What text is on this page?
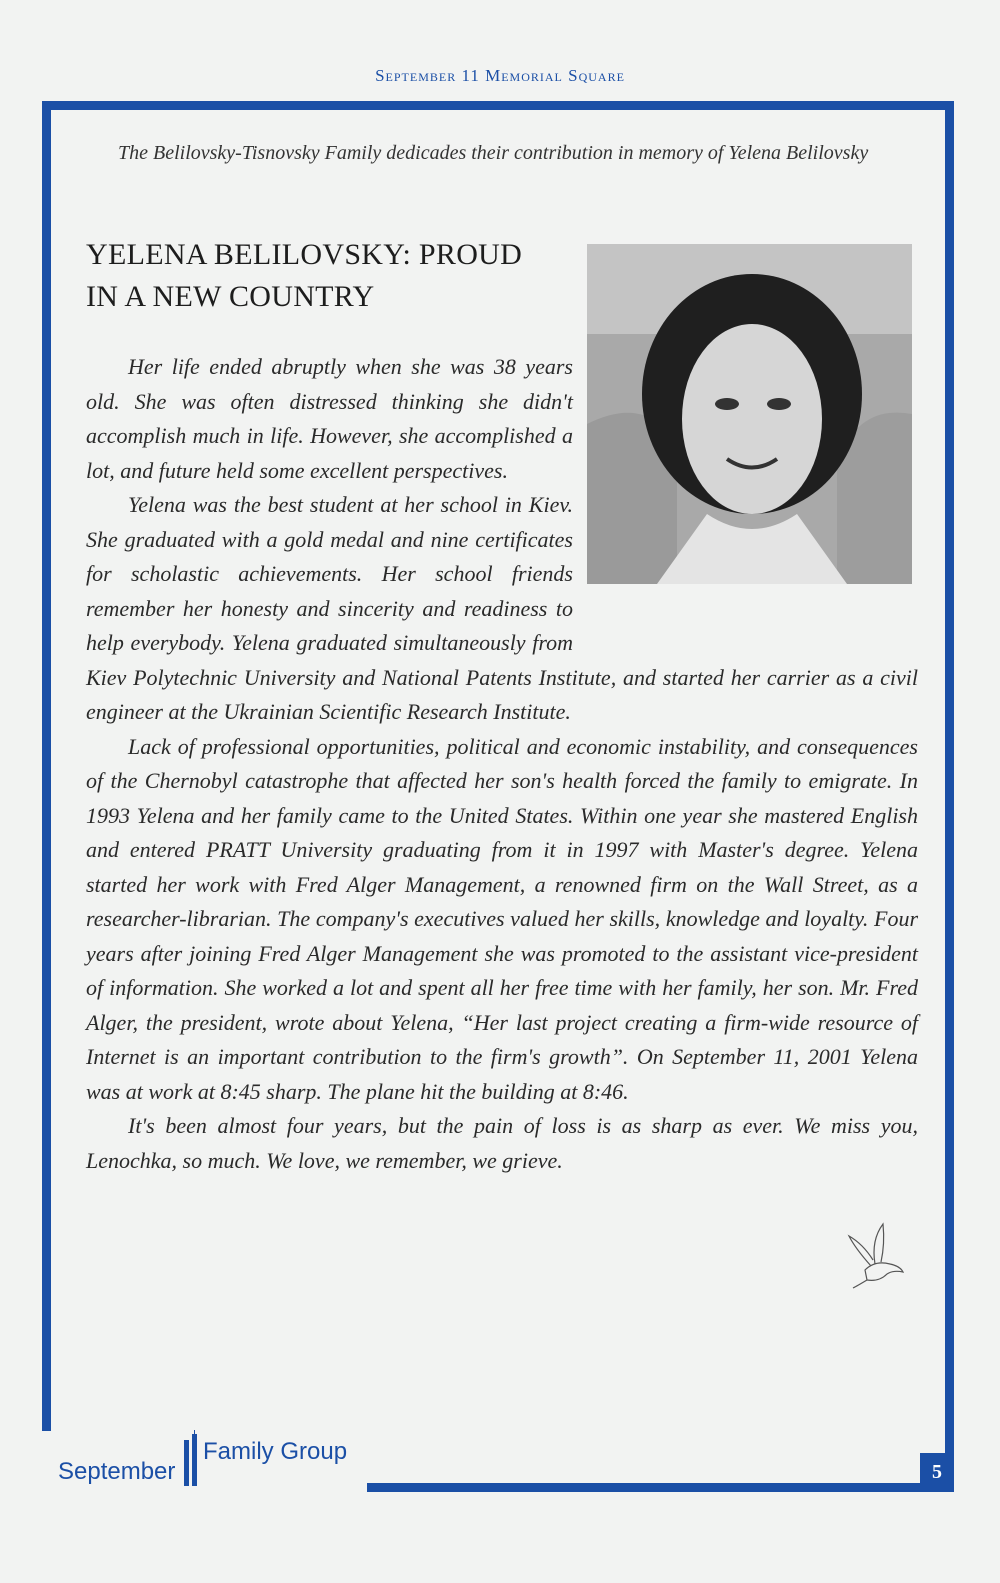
September 11 Memorial Square
The Belilovsky-Tisnovsky Family dedicades their contribution in memory of Yelena Belilovsky
YELENA BELILOVSKY: PROUD
IN A NEW COUNTRY

Her life ended abruptly when she was 38 years old. She was often distressed thinking she didn't accomplish much in life. However, she accomplished a lot, and future held some excellent perspectives.

Yelena was the best student at her school in Kiev. She graduated with a gold medal and nine certificates for scholastic achievements. Her school friends remember her honesty and sincerity and readiness to help everybody. Yelena graduated simultaneously from Kiev Polytechnic University and National Patents Institute, and started her carrier as a civil engineer at the Ukrainian Scientific Research Institute.

Lack of professional opportunities, political and economic instability, and consequences of the Chernobyl catastrophe that affected her son's health forced the family to emigrate. In 1993 Yelena and her family came to the United States. Within one year she mastered English and entered PRATT University graduating from it in 1997 with Master's degree. Yelena started her work with Fred Alger Management, a renowned firm on the Wall Street, as a researcher-librarian. The company's executives valued her skills, knowledge and loyalty. Four years after joining Fred Alger Management she was promoted to the assistant vice-president of information. She worked a lot and spent all her free time with her family, her son. Mr. Fred Alger, the president, wrote about Yelena, “Her last project creating a firm-wide resource of Internet is an important contribution to the firm's growth”. On September 11, 2001 Yelena was at work at 8:45 sharp. The plane hit the building at 8:46.

It's been almost four years, but the pain of loss is as sharp as ever. We miss you, Lenochka, so much. We love, we remember, we grieve.

September
Family Group
5
